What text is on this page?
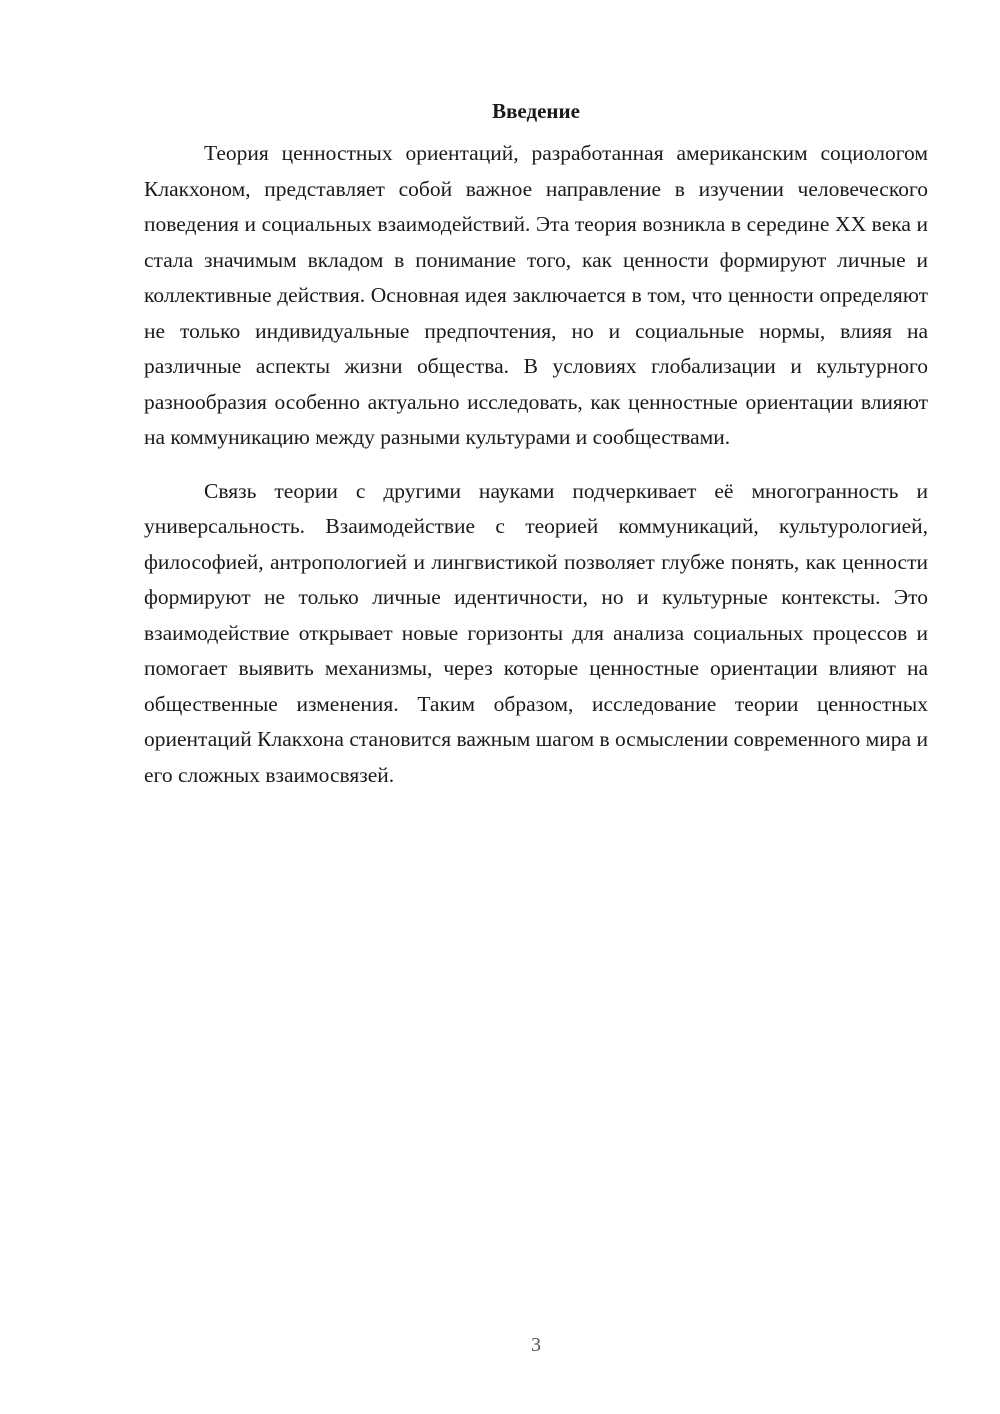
Введение

Теория ценностных ориентаций, разработанная американским социологом Клакхоном, представляет собой важное направление в изучении человеческого поведения и социальных взаимодействий. Эта теория возникла в середине XX века и стала значимым вкладом в понимание того, как ценности формируют личные и коллективные действия. Основная идея заключается в том, что ценности определяют не только индивидуальные предпочтения, но и социальные нормы, влияя на различные аспекты жизни общества. В условиях глобализации и культурного разнообразия особенно актуально исследовать, как ценностные ориентации влияют на коммуникацию между разными культурами и сообществами.

Связь теории с другими науками подчеркивает её многогранность и универсальность. Взаимодействие с теорией коммуникаций, культурологией, философией, антропологией и лингвистикой позволяет глубже понять, как ценности формируют не только личные идентичности, но и культурные контексты. Это взаимодействие открывает новые горизонты для анализа социальных процессов и помогает выявить механизмы, через которые ценностные ориентации влияют на общественные изменения. Таким образом, исследование теории ценностных ориентаций Клакхона становится важным шагом в осмыслении современного мира и его сложных взаимосвязей.

3
